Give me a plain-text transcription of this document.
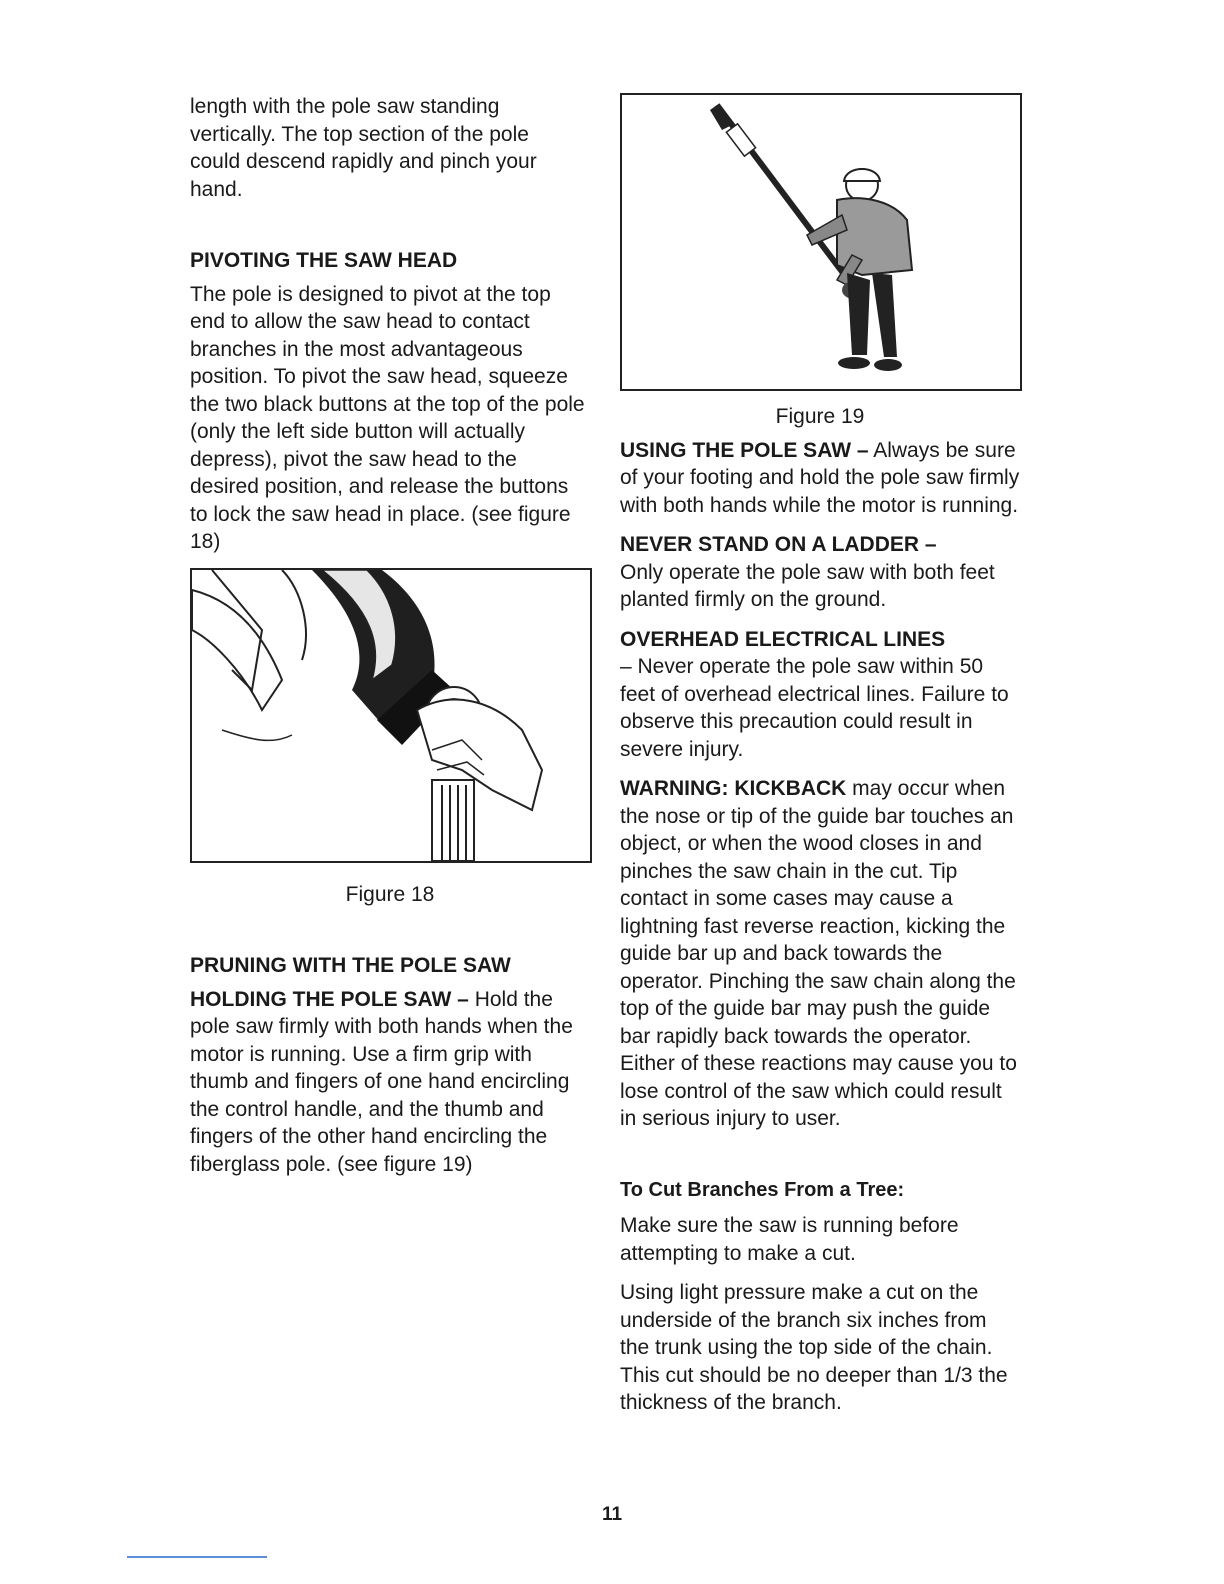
length with the pole saw standing vertically. The top section of the pole could descend rapidly and pinch your hand.

PIVOTING THE SAW HEAD

The pole is designed to pivot at the top end to allow the saw head to contact branches in the most advantageous position. To pivot the saw head, squeeze the two black buttons at the top of the pole (only the left side button will actually depress), pivot the saw head to the desired position, and release the buttons to lock the saw head in place. (see figure 18)

Figure 18

PRUNING WITH THE POLE SAW

HOLDING THE POLE SAW – Hold the pole saw firmly with both hands when the motor is running. Use a firm grip with thumb and fingers of one hand encircling the control handle, and the thumb and fingers of the other hand encircling the fiberglass pole. (see figure 19)

Figure 19

USING THE POLE SAW – Always be sure of your footing and hold the pole saw firmly with both hands while the motor is running.

NEVER STAND ON A LADDER –

Only operate the pole saw with both feet planted firmly on the ground.

OVERHEAD ELECTRICAL LINES

– Never operate the pole saw within 50 feet of overhead electrical lines. Failure to observe this precaution could result in severe injury.

WARNING: KICKBACK may occur when the nose or tip of the guide bar touches an object, or when the wood closes in and pinches the saw chain in the cut. Tip contact in some cases may cause a lightning fast reverse reaction, kicking the guide bar up and back towards the operator. Pinching the saw chain along the top of the guide bar may push the guide bar rapidly back towards the operator. Either of these reactions may cause you to lose control of the saw which could result in serious injury to user.

To Cut Branches From a Tree:

Make sure the saw is running before attempting to make a cut.

Using light pressure make a cut on the underside of the branch six inches from the trunk using the top side of the chain. This cut should be no deeper than 1/3 the thickness of the branch.

11
